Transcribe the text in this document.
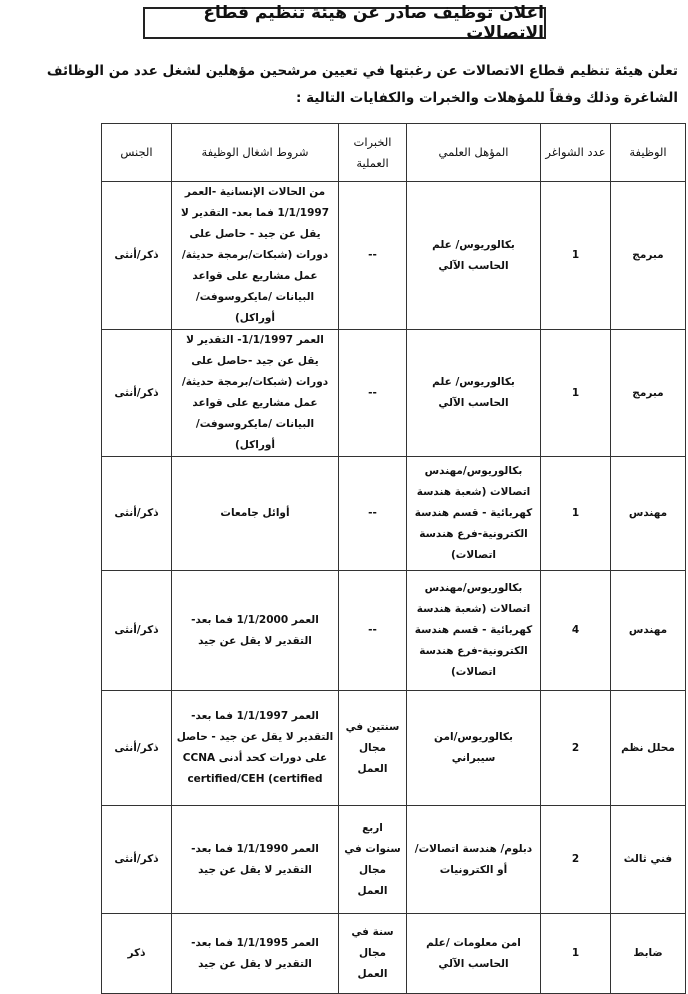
اعلان توظيف صادر عن هيئة تنظيم قطاع الاتصالات
تعلن هيئة تنظيم قطاع الاتصالات عن رغبتها في تعيين مرشحين مؤهلين لشغل عدد من الوظائف الشاغرة وذلك وفقاً للمؤهلات والخبرات والكفايات التالية :
الوظيفة	عدد الشواغر	المؤهل العلمي	الخبرات العملية	شروط اشغال الوظيفة	الجنس
مبرمج	1	بكالوريوس/ علم الحاسب الآلي	--	من الحالات الإنسانية -العمر 1/1/1997 فما بعد- التقدير لا يقل عن جيد - حاصل على دورات (شبكات/برمجة حديثة/عمل مشاريع على قواعد البيانات /مايكروسوفت/أوراكل)	ذكر/أنثى
مبرمج	1	بكالوريوس/ علم الحاسب الآلي	--	العمر 1/1/1997- التقدير لا يقل عن جيد -حاصل على دورات (شبكات/برمجة حديثة/عمل مشاريع على قواعد البيانات /مايكروسوفت/أوراكل)	ذكر/أنثى
مهندس	1	بكالوريوس/مهندس اتصالات (شعبة هندسة كهربائية - قسم هندسة الكترونية-فرع هندسة اتصالات)	--	أوائل جامعات	ذكر/أنثى
مهندس	4	بكالوريوس/مهندس اتصالات (شعبة هندسة كهربائية - قسم هندسة الكترونية-فرع هندسة اتصالات)	--	العمر 1/1/2000 فما بعد- التقدير لا يقل عن جيد	ذكر/أنثى
محلل نظم	2	بكالوريوس/امن سيبراني	سنتين في مجال العمل	العمر 1/1/1997 فما بعد- التقدير لا يقل عن جيد - حاصل على دورات كحد أدنى CCNA certified/CEH (certified	ذكر/أنثى
فني ثالث	2	دبلوم/ هندسة اتصالات/ أو الكترونيات	اربع سنوات في مجال العمل	العمر 1/1/1990 فما بعد- التقدير لا يقل عن جيد	ذكر/أنثى
ضابط	1	امن معلومات /علم الحاسب الآلي	سنة في مجال العمل	العمر 1/1/1995 فما بعد- التقدير لا يقل عن جيد	ذكر
